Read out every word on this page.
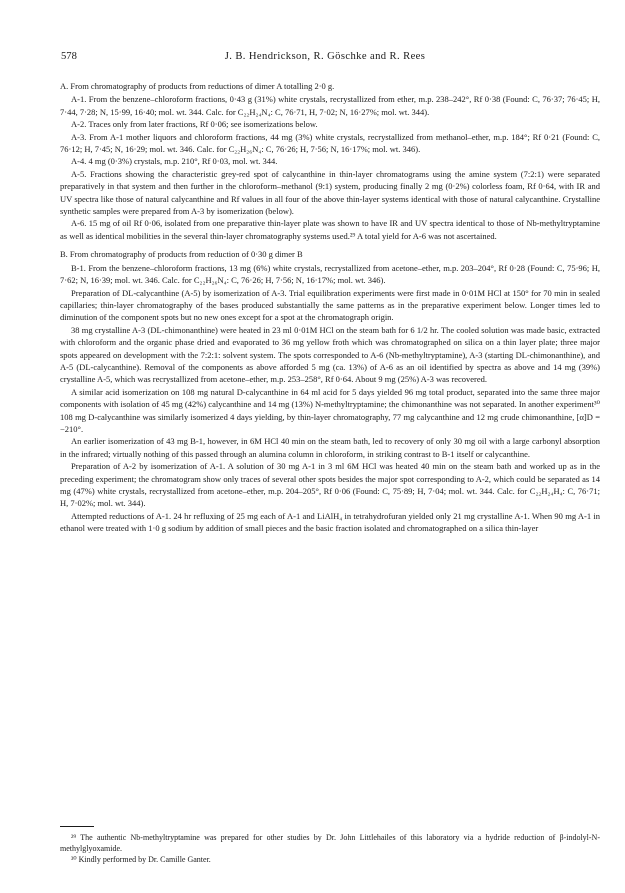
578	J. B. Hendrickson, R. Göschke and R. Rees

A. From chromatography of products from reductions of dimer A totalling 2·0 g.

A-1. From the benzene–chloroform fractions, 0·43 g (31%) white crystals, recrystallized from ether, m.p. 238–242°, Rf 0·38 (Found: C, 76·37; 76·45; H, 7·44, 7·28; N, 15·99, 16·40; mol. wt. 344. Calc. for C₂₂H₂₄N₄: C, 76·71, H, 7·02; N, 16·27%; mol. wt. 344).

A-2. Traces only from later fractions, Rf 0·06; see isomerizations below.

A-3. From A-1 mother liquors and chloroform fractions, 44 mg (3%) white crystals, recrystallized from methanol–ether, m.p. 184°; Rf 0·21 (Found: C, 76·12; H, 7·45; N, 16·29; mol. wt. 346. Calc. for C₂₂H₂₆N₄: C, 76·26; H, 7·56; N, 16·17%; mol. wt. 346).

A-4. 4 mg (0·3%) crystals, m.p. 210°, Rf 0·03, mol. wt. 344.

A-5. Fractions showing the characteristic grey-red spot of calycanthine in thin-layer chromatograms using the amine system (7:2:1) were separated preparatively in that system and then further in the chloroform–methanol (9:1) system, producing finally 2 mg (0·2%) colorless foam, Rf 0·64, with IR and UV spectra like those of natural calycanthine and Rf values in all four of the above thin-layer systems identical with those of natural calycanthine. Crystalline synthetic samples were prepared from A-3 by isomerization (below).

A-6. 15 mg of oil Rf 0·06, isolated from one preparative thin-layer plate was shown to have IR and UV spectra identical to those of Nb-methyltryptamine as well as identical mobilities in the several thin-layer chromatography systems used.²⁹ A total yield for A-6 was not ascertained.

B. From chromatography of products from reduction of 0·30 g dimer B

B-1. From the benzene–chloroform fractions, 13 mg (6%) white crystals, recrystallized from acetone–ether, m.p. 203–204°, Rf 0·28 (Found: C, 75·96; H, 7·62; N, 16·39; mol. wt. 346. Calc. for C₂₂H₂₆N₄: C, 76·26; H, 7·56; N, 16·17%; mol. wt. 346).

Preparation of DL-calycanthine (A-5) by isomerization of A-3. Trial equilibration experiments were first made in 0·01M HCl at 150° for 70 min in sealed capillaries; thin-layer chromatography of the bases produced substantially the same patterns as in the preparative experiment below. Longer times led to diminution of the component spots but no new ones except for a spot at the chromatograph origin.

38 mg crystalline A-3 (DL-chimonanthine) were heated in 23 ml 0·01M HCl on the steam bath for 6 1/2 hr. The cooled solution was made basic, extracted with chloroform and the organic phase dried and evaporated to 36 mg yellow froth which was chromatographed on silica on a thin layer plate; three major spots appeared on development with the 7:2:1: solvent system. The spots corresponded to A-6 (Nb-methyltryptamine), A-3 (starting DL-chimonanthine), and A-5 (DL-calycanthine). Removal of the components as above afforded 5 mg (ca. 13%) of A-6 as an oil identified by spectra as above and 14 mg (39%) crystalline A-5, which was recrystallized from acetone–ether, m.p. 253–258°, Rf 0·64. About 9 mg (25%) A-3 was recovered.

A similar acid isomerization on 108 mg natural D-calycanthine in 64 ml acid for 5 days yielded 96 mg total product, separated into the same three major components with isolation of 45 mg (42%) calycanthine and 14 mg (13%) N-methyltryptamine; the chimonanthine was not separated. In another experiment³⁰ 108 mg D-calycanthine was similarly isomerized 4 days yielding, by thin-layer chromatography, 77 mg calycanthine and 12 mg crude chimonanthine, [α]D = −210°.

An earlier isomerization of 43 mg B-1, however, in 6M HCl 40 min on the steam bath, led to recovery of only 30 mg oil with a large carbonyl absorption in the infrared; virtually nothing of this passed through an alumina column in chloroform, in striking contrast to B-1 itself or calycanthine.

Preparation of A-2 by isomerization of A-1. A solution of 30 mg A-1 in 3 ml 6M HCl was heated 40 min on the steam bath and worked up as in the preceding experiment; the chromatogram show only traces of several other spots besides the major spot corresponding to A-2, which could be separated as 14 mg (47%) white crystals, recrystallized from acetone–ether, m.p. 204–205°, Rf 0·06 (Found: C, 75·89; H, 7·04; mol. wt. 344. Calc. for C₂₂H₂₄H₄: C, 76·71; H, 7·02%; mol. wt. 344).

Attempted reductions of A-1. 24 hr refluxing of 25 mg each of A-1 and LiAlH₄ in tetrahydrofuran yielded only 21 mg crystalline A-1. When 90 mg A-1 in ethanol were treated with 1·0 g sodium by addition of small pieces and the basic fraction isolated and chromatographed on a silica thin-layer

²⁹ The authentic Nb-methyltryptamine was prepared for other studies by Dr. John Littlehailes of this laboratory via a hydride reduction of β-indolyl-N-methylglyoxamide.

³⁰ Kindly performed by Dr. Camille Ganter.
